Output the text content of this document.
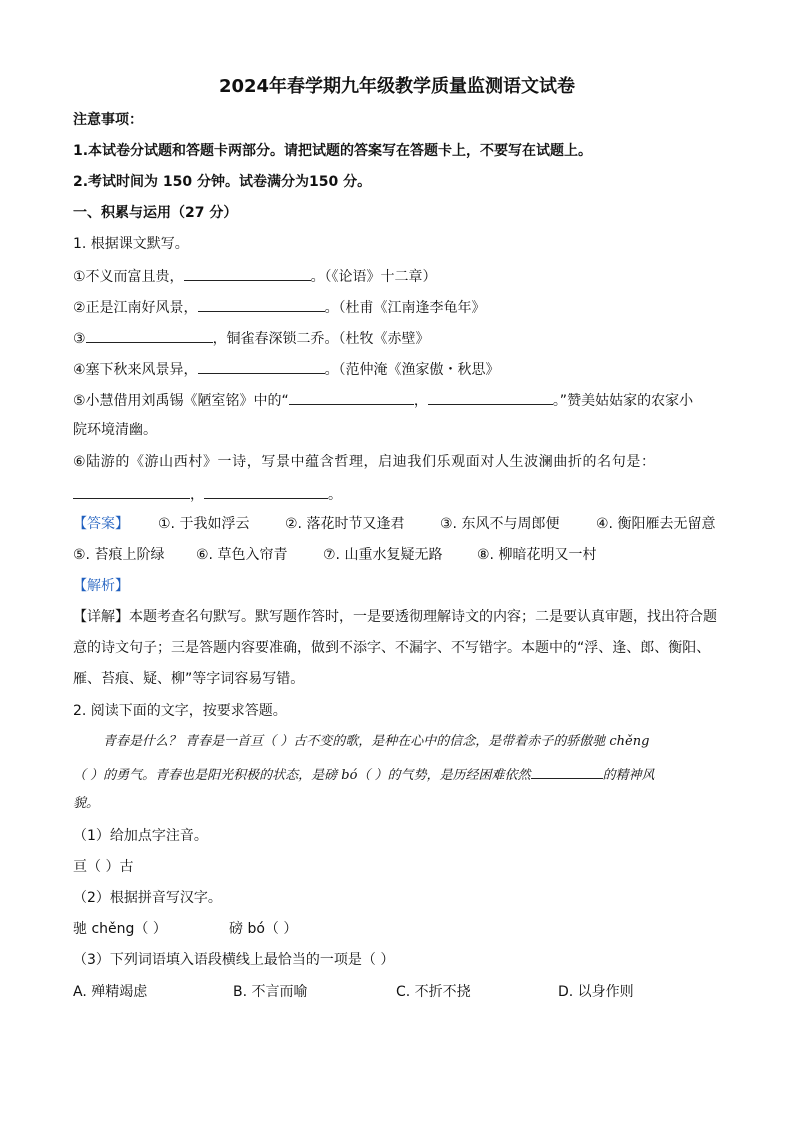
2024年春学期九年级教学质量监测语文试卷
注意事项：
1.本试卷分试题和答题卡两部分。请把试题的答案写在答题卡上，不要写在试题上。
2.考试时间为 150 分钟。试卷满分为150 分。
一、积累与运用（27 分）
1. 根据课文默写。
①不义而富且贵，	。（《论语》十二章）
②正是江南好风景，	。（杜甫《江南逢李龟年》
③	，铜雀春深锁二乔。（杜牧《赤壁》
④塞下秋来风景异，	。（范仲淹《渔家傲・秋思》
⑤小慧借用刘禹锡《陋室铭》中的“	，	。”赞美姑姑家的农家小
院环境清幽。
⑥陆游的《游山西村》一诗，写景中蕴含哲理，启迪我们乐观面对人生波澜曲折的名句是：
，	。
【答案】 ①. 于我如浮云	②. 落花时节又逢君	③. 东风不与周郎便	④. 衡阳雁去无留意
⑤. 苔痕上阶绿 ⑥. 草色入帘青	⑦. 山重水复疑无路 ⑧. 柳暗花明又一村
【解析】
【详解】本题考查名句默写。默写题作答时，一是要透彻理解诗文的内容；二是要认真审题，找出符合题
意的诗文句子；三是答题内容要准确，做到不添字、不漏字、不写错字。本题中的“浮、逢、郎、衡阳、
雁、苔痕、疑、柳”等字词容易写错。
2. 阅读下面的文字，按要求答题。
青春是什么？ 青春是一首亘（ ）古不变的歌，是种在心中的信念，是带着赤子的骄傲驰 chěng
（ ）的勇气。青春也是阳光积极的状态，是磅 bó（ ）的气势，是历经困难依然	的精神风
貌。
（1）给加点字注音。
亘（ ）古
（2）根据拼音写汉字。
驰 chěng（ ）	磅 bó（ ）
（3）下列词语填入语段横线上最恰当的一项是（ ）
A. 殚精竭虑	B. 不言而喻	C. 不折不挠	D. 以身作则
